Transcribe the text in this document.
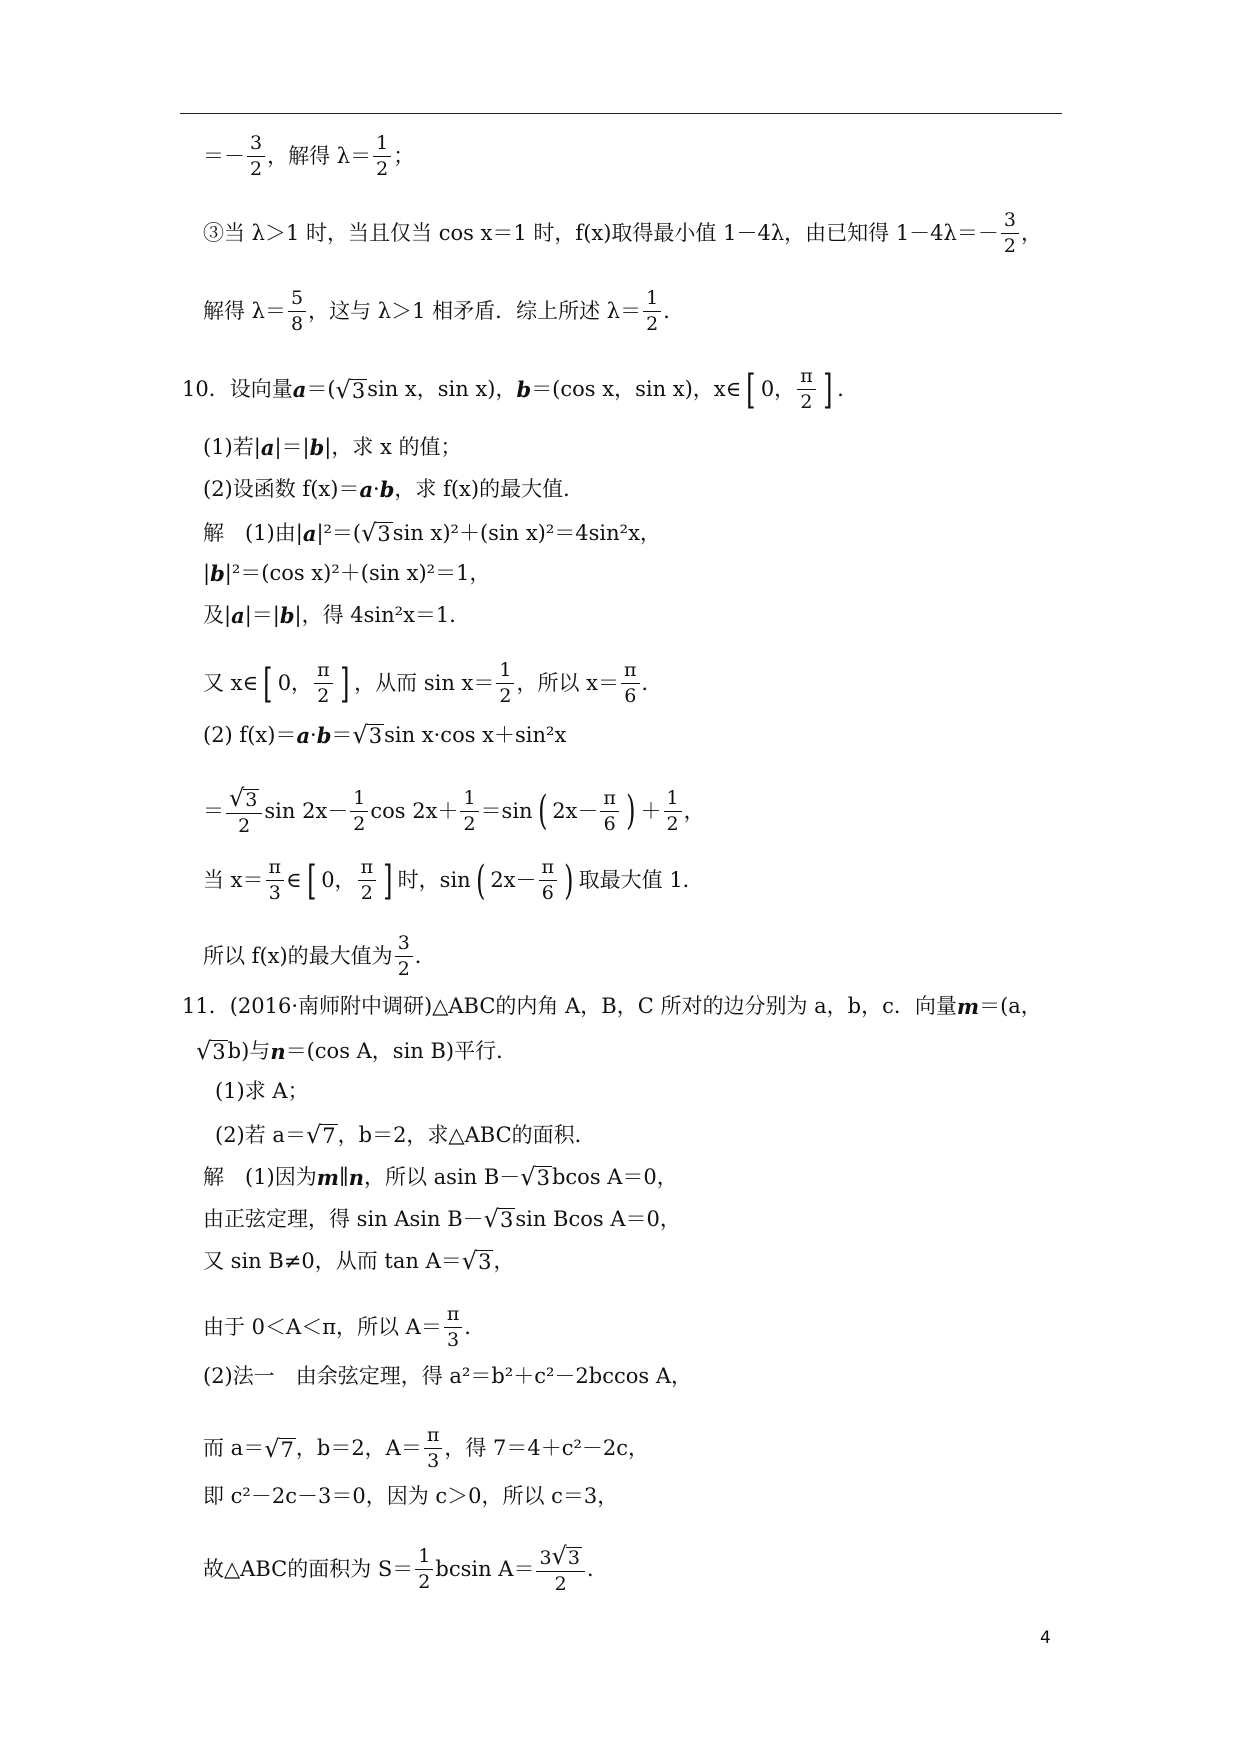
＝－ $\frac{3}{2}$ ，解得 $\lambda= \frac{1}{2}$ ；
③当 λ＞1 时，当且仅当 cos x＝1 时，f(x)取得最小值 1－4λ，由已知得 $1-4\lambda=- \frac{3}{2}$ ，
解得 $\lambda= \frac{5}{8}$ ，这与 λ＞1 相矛盾．综上所述 $\lambda= \frac{1}{2}$ ．
10．设向量 a ＝( √ 3 sin x，sin x)， b ＝(cos x，sin x)，x∈ [ 0， $\frac{\pi}{2}$ ] ．
(1)若| a |＝| b |，求 x 的值；
(2)设函数 f(x)＝ a · b ，求 f(x)的最大值．
解　(1)由| a |²＝( √ 3 sin x)²＋(sin x)²＝4sin²x，
| b |²＝(cos x)²＋(sin x)²＝1，
及| a |＝| b |，得 4sin²x＝1．
又 x∈ [ 0， $\frac{\pi}{2}$ ] ，从而 $\sin x= \frac{1}{2}$ ，所以 $x= \frac{\pi}{6}$ ．
(2) f(x)＝ a · b ＝ √ 3 sin x·cos x＋sin²x
＝ $\frac{√ 3}{2}$ $\sin 2x- \frac{1}{2}$ $\cos 2x+ \frac{1}{2} =\sin$ ( $2x- \frac{\pi}{6}$ ) ＋ $\frac{1}{2}$ ，
当 $x= \frac{\pi}{3}$ ∈ [ 0， $\frac{\pi}{2}$ ] 时，sin ( $2x- \frac{\pi}{6}$ ) 取最大值 1．
所以 f(x)的最大值为 $\frac{3}{2}$ ．
11．(2016·南师附中调研)△ABC的内角 A，B，C 所对的边分别为 a，b，c．向量 m ＝(a，
√ 3 b)与 n ＝(cos A，sin B)平行．
(1)求 A；
(2)若 a＝ √ 7 ，b＝2，求△ABC的面积．
解　(1)因为 m ∥ n ，所以 asin B－ √ 3 bcos A＝0，
由正弦定理，得 sin Asin B－ √ 3 sin Bcos A＝0，
又 sin B≠0，从而 tan A＝ √ 3 ，
由于 0＜A＜π，所以 $A= \frac{\pi}{3}$ ．
(2)法一　由余弦定理，得 a²＝b²＋c²－2bccos A，
而 a＝ √ 7 ，b＝2，$A= \frac{\pi}{3}$ ，得 7＝4＋c²－2c，
即 c²－2c－3＝0，因为 c＞0，所以 c＝3，
故△ABC的面积为 $S= \frac{1}{2}$ bcsin $A= \frac{3 √ 3}{2}$ ．
4
